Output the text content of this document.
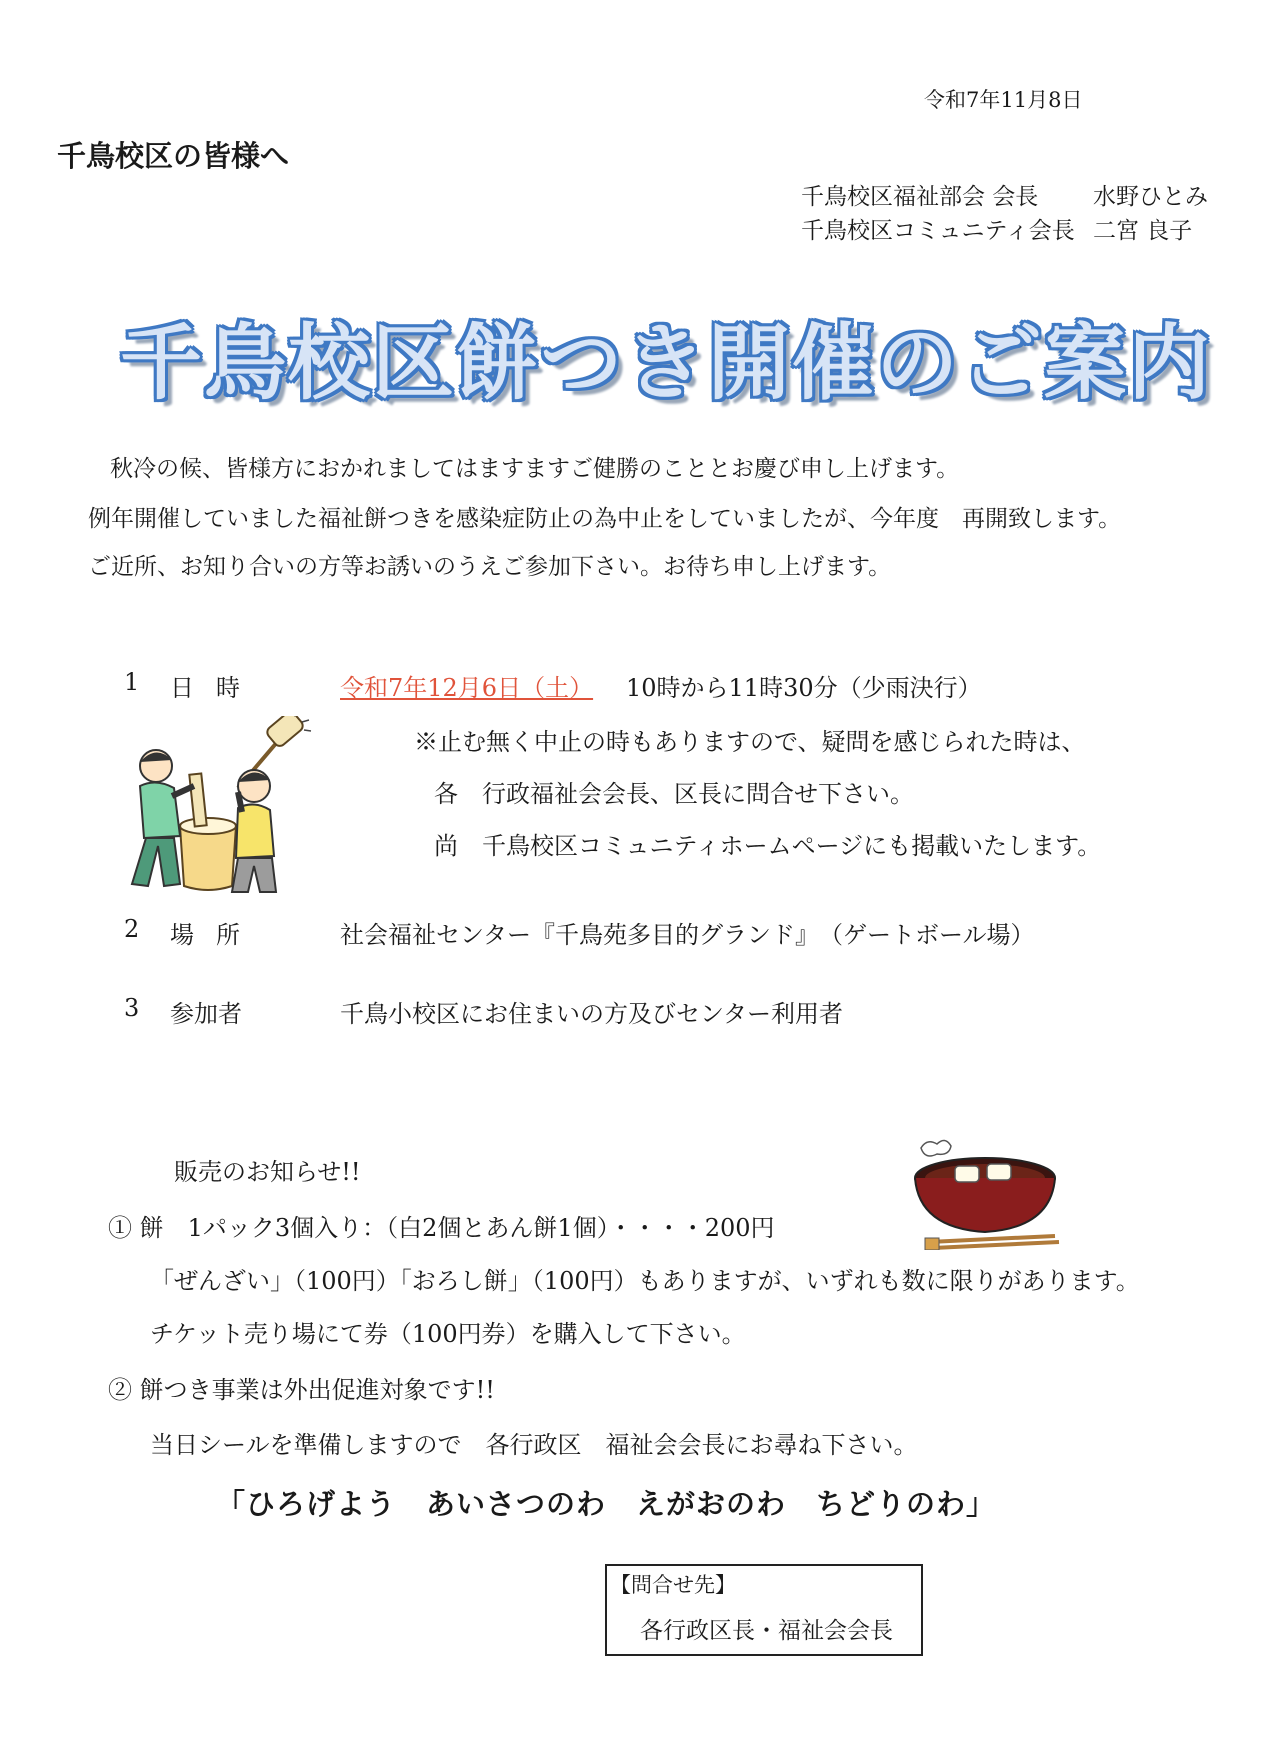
令和7年11月8日
千鳥校区の皆様へ
千鳥校区福祉部会 会長 水野ひとみ
千鳥校区コミュニティ会長 二宮 良子
千鳥校区餅つき開催のご案内
秋冷の候、皆様方におかれましてはますますご健勝のこととお慶び申し上げます。
例年開催していました福祉餅つきを感染症防止の為中止をしていましたが、今年度　再開致します。
ご近所、お知り合いの方等お誘いのうえご参加下さい。お待ち申し上げます。
1 日時	令和7年12月6日（土） 10時から11時30分（少雨決行）
※止む無く中止の時もありますので、疑問を感じられた時は、
各　行政福祉会会長、区長に問合せ下さい。
尚　千鳥校区コミュニティホームページにも掲載いたします。
2 場所	社会福祉センター『千鳥苑多目的グランド』　（ゲートボール場）
3 参加者	千鳥小校区にお住まいの方及びセンター利用者
販売のお知らせ!!
① 餅　1パック3個入り：（白2個とあん餅1個）・・・・200円
「ぜんざい」（100円）「おろし餅」（100円）もありますが、いずれも数に限りがあります。
チケット売り場にて券（100円券）を購入して下さい。
② 餅つき事業は外出促進対象です!!
当日シールを準備しますので　各行政区　福祉会会長にお尋ね下さい。
「ひろげよう　あいさつのわ　えがおのわ　ちどりのわ」
【問合せ先】
各行政区長・福祉会会長
